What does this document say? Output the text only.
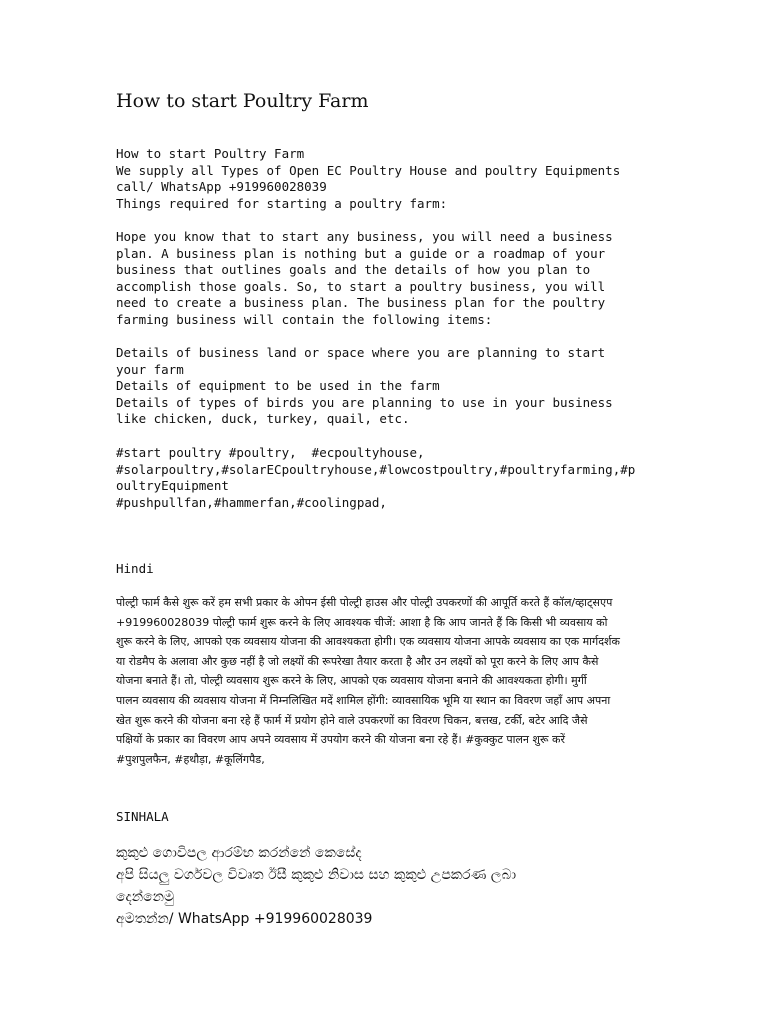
How to start Poultry Farm
How to start Poultry Farm
We supply all Types of Open EC Poultry House and poultry Equipments
call/ WhatsApp +919960028039
Things required for starting a poultry farm:
Hope you know that to start any business, you will need a business
plan. A business plan is nothing but a guide or a roadmap of your
business that outlines goals and the details of how you plan to
accomplish those goals. So, to start a poultry business, you will
need to create a business plan. The business plan for the poultry
farming business will contain the following items:
Details of business land or space where you are planning to start
your farm
Details of equipment to be used in the farm
Details of types of birds you are planning to use in your business
like chicken, duck, turkey, quail, etc.
#start poultry #poultry,  #ecpoultyhouse,
#solarpoultry,#solarECpoultryhouse,#lowcostpoultry,#poultryfarming,#p
oultryEquipment
#pushpullfan,#hammerfan,#coolingpad,
Hindi
पोल्ट्री फार्म कैसे शुरू करें हम सभी प्रकार के ओपन ईसी पोल्ट्री हाउस और पोल्ट्री उपकरणों की आपूर्ति करते हैं कॉल/व्हाट्सएप
+919960028039 पोल्ट्री फार्म शुरू करने के लिए आवश्यक चीजें: आशा है कि आप जानते हैं कि किसी भी व्यवसाय को
शुरू करने के लिए, आपको एक व्यवसाय योजना की आवश्यकता होगी। एक व्यवसाय योजना आपके व्यवसाय का एक मार्गदर्शक
या रोडमैप के अलावा और कुछ नहीं है जो लक्ष्यों की रूपरेखा तैयार करता है और उन लक्ष्यों को पूरा करने के लिए आप कैसे
योजना बनाते हैं। तो, पोल्ट्री व्यवसाय शुरू करने के लिए, आपको एक व्यवसाय योजना बनाने की आवश्यकता होगी। मुर्गी
पालन व्यवसाय की व्यवसाय योजना में निम्नलिखित मदें शामिल होंगी: व्यावसायिक भूमि या स्थान का विवरण जहाँ आप अपना
खेत शुरू करने की योजना बना रहे हैं फार्म में प्रयोग होने वाले उपकरणों का विवरण चिकन, बत्तख, टर्की, बटेर आदि जैसे
पक्षियों के प्रकार का विवरण आप अपने व्यवसाय में उपयोग करने की योजना बना रहे हैं। #कुक्कुट पालन शुरू करें
#पुशपुलफैन, #हथौड़ा, #कूलिंगपैड,
SINHALA
කුකුළු ගොවිපල ආරම්භ කරන්නේ කෙසේද
අපි සියලු වර්ගවල විවෘත ඊසී කුකුළු නිවාස සහ කුකුළු උපකරණ ලබා
දෙන්නෙමු
අමතන්න/ WhatsApp +919960028039
